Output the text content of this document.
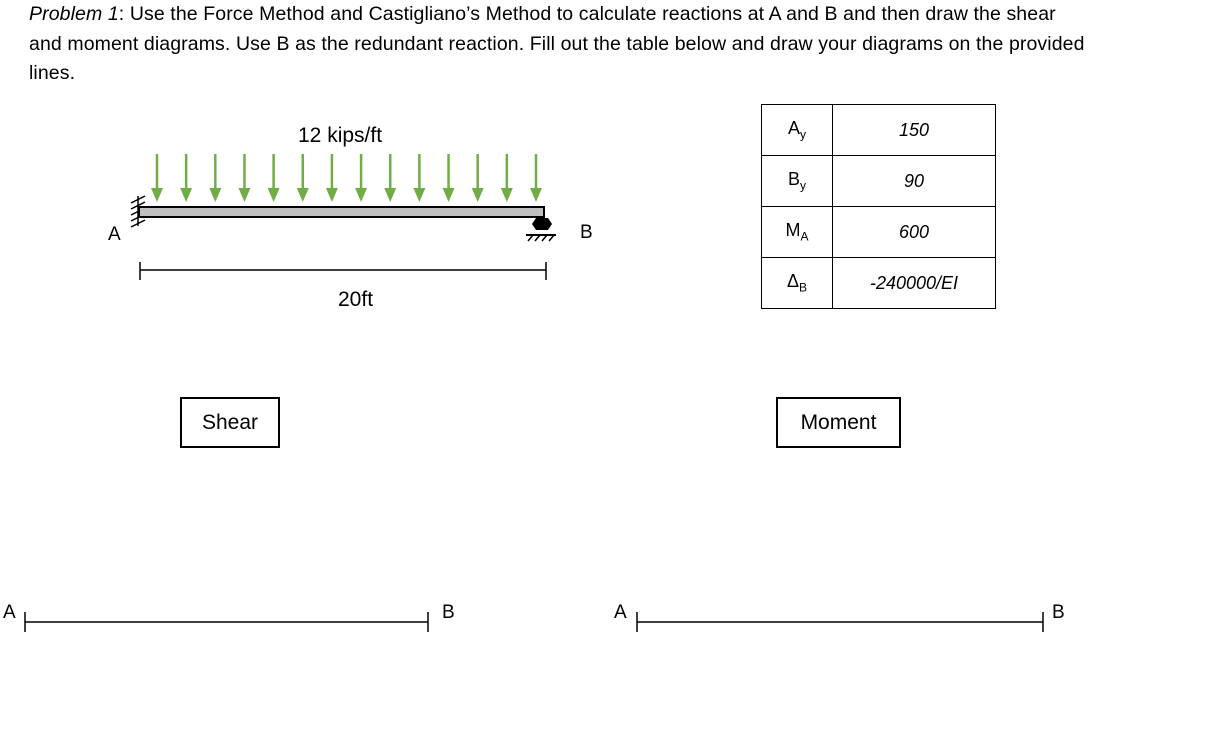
Problem 1: Use the Force Method and Castigliano’s Method to calculate reactions at A and B and then draw the shear and moment diagrams. Use B as the redundant reaction. Fill out the table below and draw your diagrams on the provided lines.

12 kips/ft
A	B
20ft
$A_y$	150
$B_y$	90
$M_A$	600
$\Delta_B$	-240000/EI
Shear	Moment
A	B	A	B
